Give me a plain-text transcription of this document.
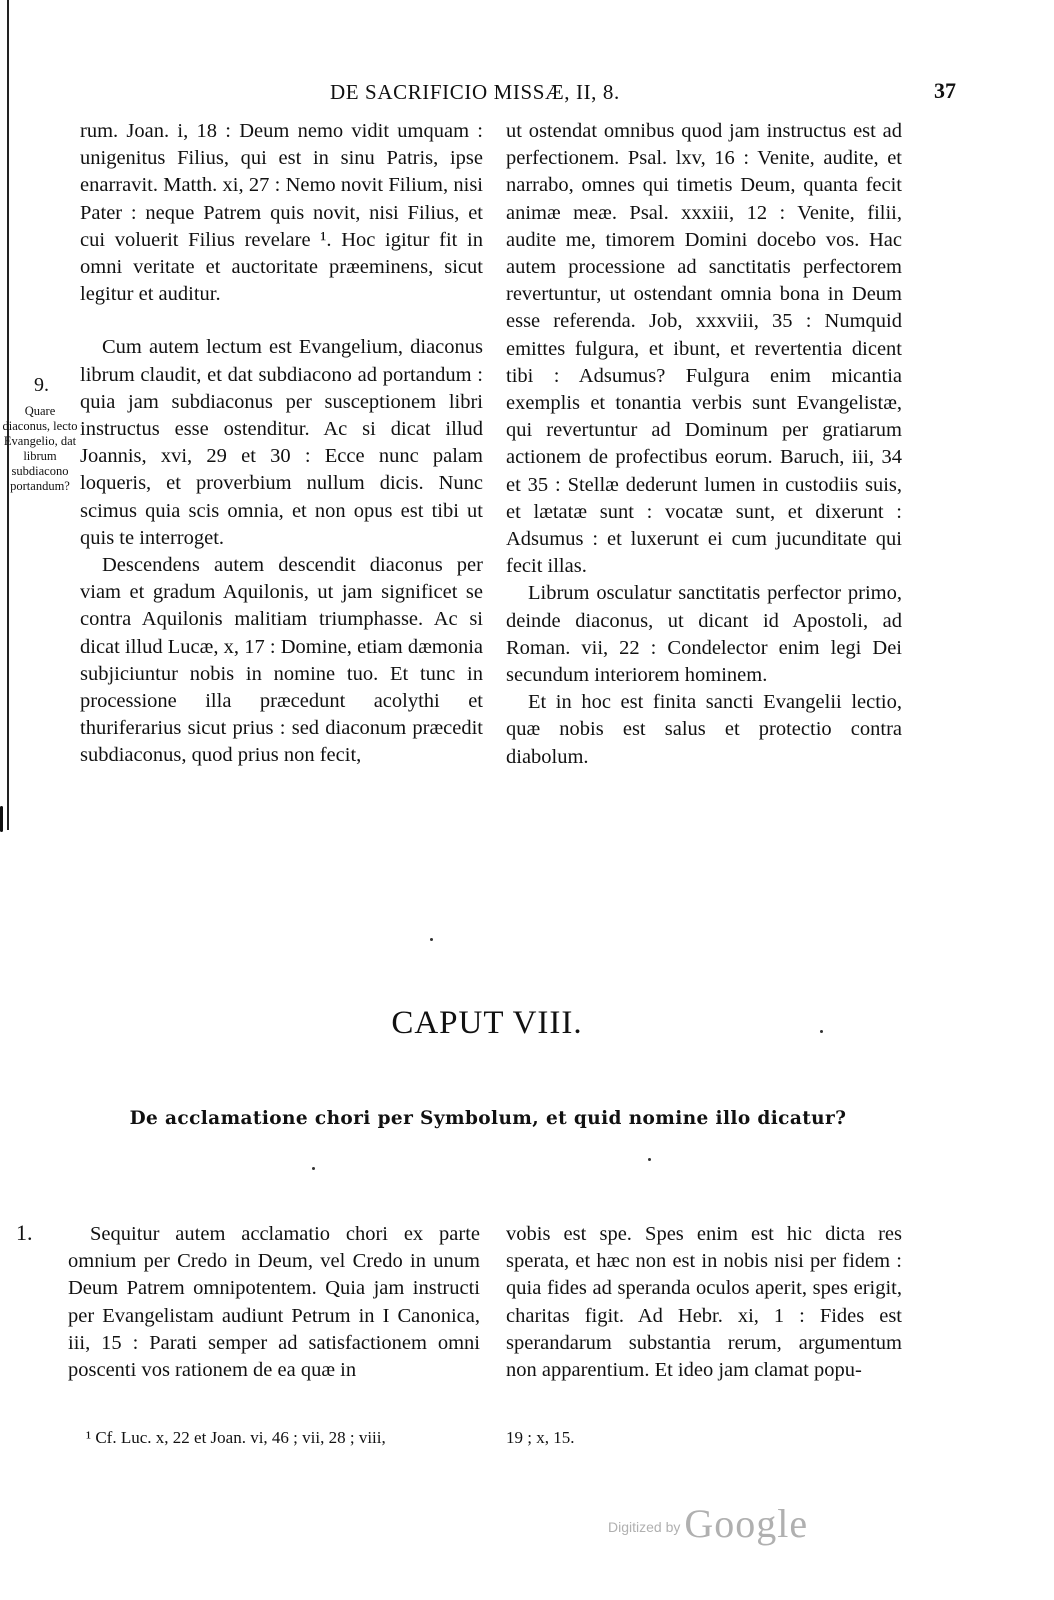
DE SACRIFICIO MISSÆ, II, 8.	37

rum. Joan. i, 18 : Deum nemo vidit umquam : unigenitus Filius, qui est in sinu Patris, ipse enarravit. Matth. xi, 27 : Nemo novit Filium, nisi Pater : neque Patrem quis novit, nisi Filius, et cui voluerit Filius revelare ¹. Hoc igitur fit in omni veritate et auctoritate præeminens, sicut legitur et auditur.

Cum autem lectum est Evangelium, diaconus librum claudit, et dat subdiacono ad portandum : quia jam subdiaconus per susceptionem libri instructus esse ostenditur. Ac si dicat illud Joannis, xvi, 29 et 30 : Ecce nunc palam loqueris, et proverbium nullum dicis. Nunc scimus quia scis omnia, et non opus est tibi ut quis te interroget.

Descendens autem descendit diaconus per viam et gradum Aquilonis, ut jam significet se contra Aquilonis malitiam triumphasse. Ac si dicat illud Lucæ, x, 17 : Domine, etiam dæmonia subjiciuntur nobis in nomine tuo. Et tunc in processione illa præcedunt acolythi et thuriferarius sicut prius : sed diaconum præcedit subdiaconus, quod prius non fecit,

9.
Quare diaconus, lecto Evangelio, dat librum subdiacono portandum?

ut ostendat omnibus quod jam instructus est ad perfectionem. Psal. lxv, 16 : Venite, audite, et narrabo, omnes qui timetis Deum, quanta fecit animæ meæ. Psal. xxxiii, 12 : Venite, filii, audite me, timorem Domini docebo vos. Hac autem processione ad sanctitatis perfectorem revertuntur, ut ostendant omnia bona in Deum esse referenda. Job, xxxviii, 35 : Numquid emittes fulgura, et ibunt, et revertentia dicent tibi : Adsumus? Fulgura enim micantia exemplis et tonantia verbis sunt Evangelistæ, qui revertuntur ad Dominum per gratiarum actionem de profectibus eorum. Baruch, iii, 34 et 35 : Stellæ dederunt lumen in custodiis suis, et lætatæ sunt : vocatæ sunt, et dixerunt : Adsumus : et luxerunt ei cum jucunditate qui fecit illas.

Librum osculatur sanctitatis perfector primo, deinde diaconus, ut dicant id Apostoli, ad Roman. vii, 22 : Condelector enim legi Dei secundum interiorem hominem.

Et in hoc est finita sancti Evangelii lectio, quæ nobis est salus et protectio contra diabolum.

CAPUT VIII.
De acclamatione chori per Symbolum, et quid nomine illo dicatur?
1.	Sequitur autem acclamatio chori ex parte omnium per Credo in Deum, vel Credo in unum Deum Patrem omnipotentem. Quia jam instructi per Evangelistam audiunt Petrum in I Canonica, iii, 15 : Parati semper ad satisfactionem omni poscenti vos rationem de ea quæ in

vobis est spe. Spes enim est hic dicta res sperata, et hæc non est in nobis nisi per fidem : quia fides ad speranda oculos aperit, spes erigit, charitas figit. Ad Hebr. xi, 1 : Fides est sperandarum substantia rerum, argumentum non apparentium. Et ideo jam clamat popu-

¹ Cf. Luc. x, 22 et Joan. vi, 46 ; vii, 28 ; viii,	19 ; x, 15.
Digitized by Google
